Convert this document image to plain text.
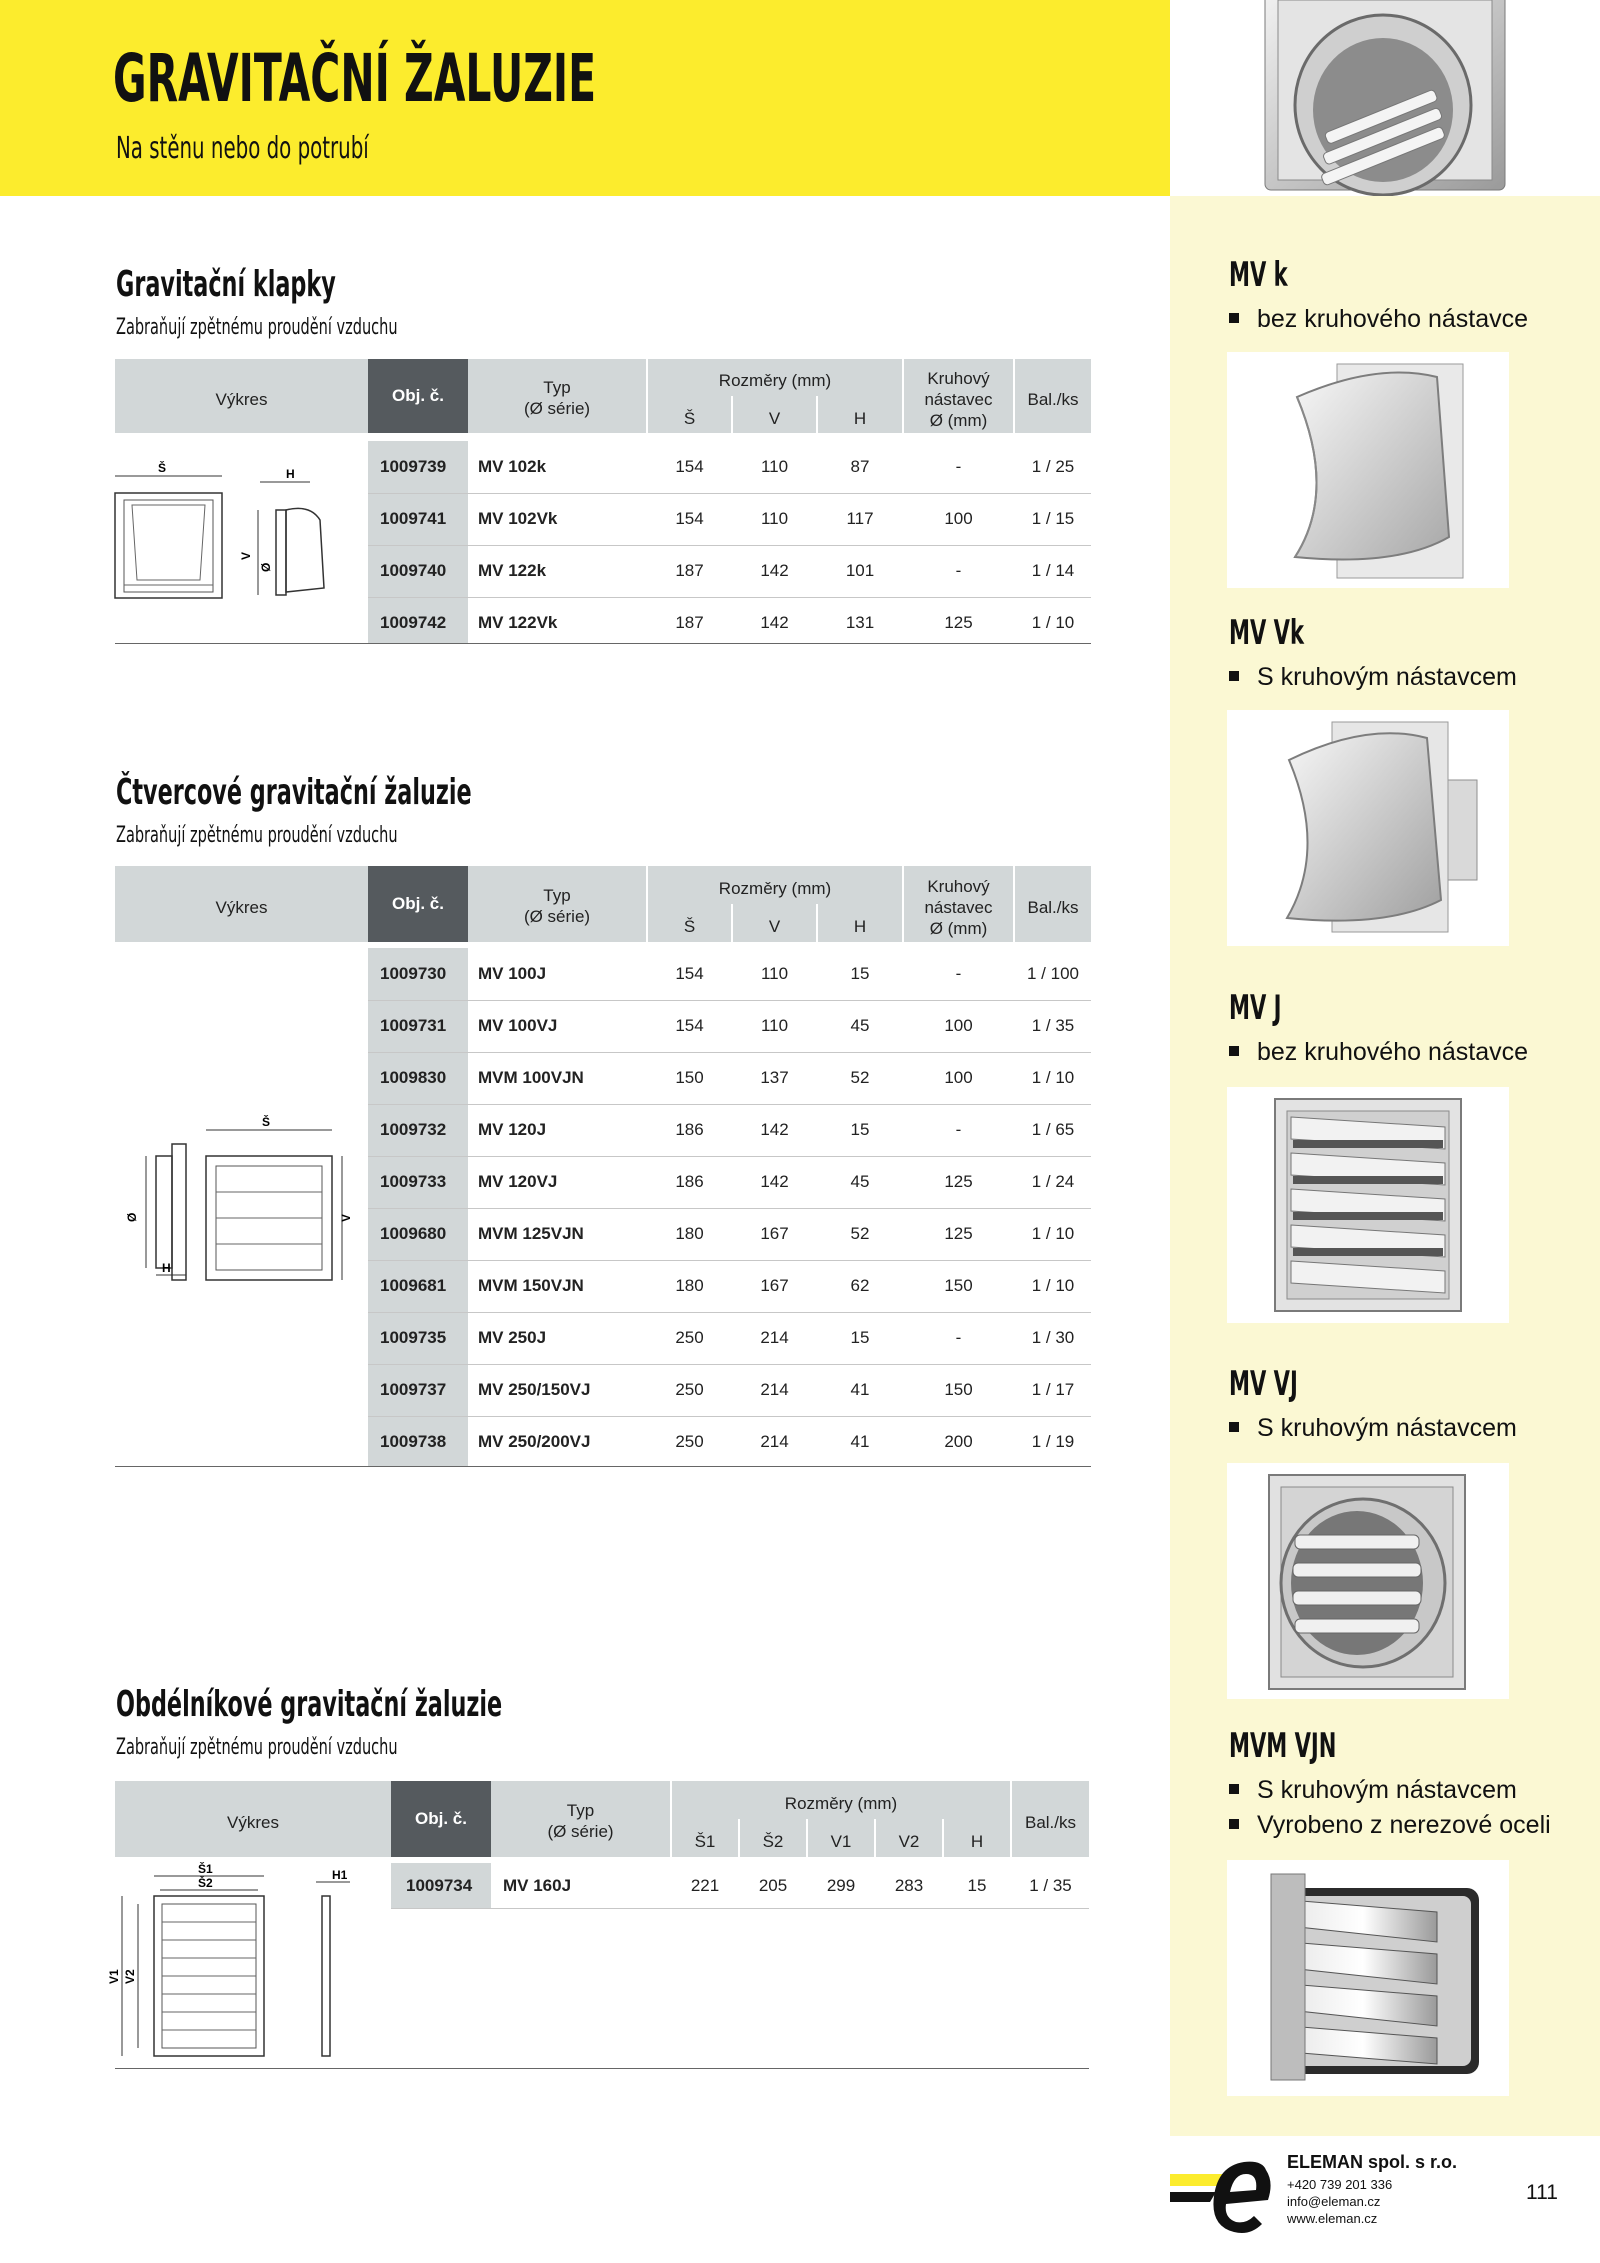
GRAVITAČNÍ ŽALUZIE
Na stěnu nebo do potrubí
MV k
bez kruhového nástavce
MV Vk
S kruhovým nástavcem
MV J
bez kruhového nástavce
MV VJ
S kruhovým nástavcem
MVM VJN
S kruhovým nástavcem
Vyrobeno z nerezové oceli
Gravitační klapky
Zabraňují zpětnému proudění vzduchu
Obj. č.
Výkres
Typ
(Ø série)
Rozměry (mm)
Š	V	H
Kruhový
nástavec
Ø (mm)
Bal./ks
1009739 MV 102k	154	110	87	-	1 / 25
1009741 MV 102Vk	154	110	117	100	1 / 15
1009740 MV 122k	187	142	101	-	1 / 14
1009742 MV 122Vk	187	142	131	125	1 / 10
Š	H
V
Ø
Čtvercové gravitační žaluzie
Zabraňují zpětnému proudění vzduchu
Obj. č.
Výkres
Typ
(Ø série)
Rozměry (mm)
Š	V	H
Kruhový
nástavec
Ø (mm)
Bal./ks
1009730 MV 100J	154	110	15	-	1 / 100
1009731 MV 100VJ	154	110	45	100	1 / 35
1009830 MVM 100VJN	150	137	52	100	1 / 10
1009732 MV 120J	186	142	15	-	1 / 65
1009733 MV 120VJ	186	142	45	125	1 / 24
1009680 MVM 125VJN	180	167	52	125	1 / 10
1009681 MVM 150VJN	180	167	62	150	1 / 10
1009735 MV 250J	250	214	15	-	1 / 30
1009737 MV 250/150VJ	250	214	41	150	1 / 17
1009738 MV 250/200VJ	250	214	41	200	1 / 19
Š
V
Ø
H
Obdélníkové gravitační žaluzie
Zabraňují zpětnému proudění vzduchu
Obj. č.
Výkres
Typ
(Ø série)
Rozměry (mm)
Š1	Š2	V1	V2	H
Bal./ks
1009734 MV 160J	221	205	299	283	15	1 / 35
Š1
Š2
V1 V2
H1
ELEMAN spol. s r.o.
+420 739 201 336
info@eleman.cz
www.eleman.cz
111
